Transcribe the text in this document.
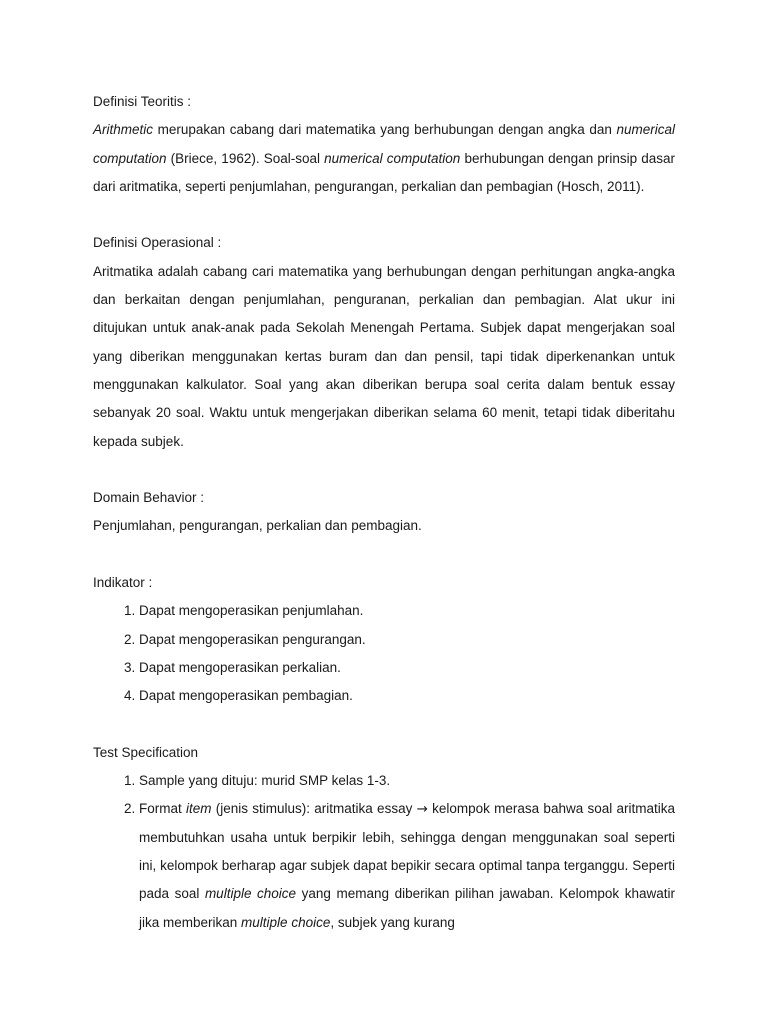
Definisi Teoritis :

Arithmetic merupakan cabang dari matematika yang berhubungan dengan angka dan numerical computation (Briece, 1962). Soal-soal numerical computation berhubungan dengan prinsip dasar dari aritmatika, seperti penjumlahan, pengurangan, perkalian dan pembagian (Hosch, 2011).

Definisi Operasional :

Aritmatika adalah cabang cari matematika yang berhubungan dengan perhitungan angka-angka dan berkaitan dengan penjumlahan, penguranan, perkalian dan pembagian. Alat ukur ini ditujukan untuk anak-anak pada Sekolah Menengah Pertama. Subjek dapat mengerjakan soal yang diberikan menggunakan kertas buram dan dan pensil, tapi tidak diperkenankan untuk menggunakan kalkulator. Soal yang akan diberikan berupa soal cerita dalam bentuk essay sebanyak 20 soal. Waktu untuk mengerjakan diberikan selama 60 menit, tetapi tidak diberitahu kepada subjek.

Domain Behavior :

Penjumlahan, pengurangan, perkalian dan pembagian.

Indikator :

1. Dapat mengoperasikan penjumlahan.
2. Dapat mengoperasikan pengurangan.
3. Dapat mengoperasikan perkalian.
4. Dapat mengoperasikan pembagian.

Test Specification

1. Sample yang dituju: murid SMP kelas 1-3.
2. Format item (jenis stimulus): aritmatika essay → kelompok merasa bahwa soal aritmatika membutuhkan usaha untuk berpikir lebih, sehingga dengan menggunakan soal seperti ini, kelompok berharap agar subjek dapat bepikir secara optimal tanpa terganggu. Seperti pada soal multiple choice yang memang diberikan pilihan jawaban. Kelompok khawatir jika memberikan multiple choice, subjek yang kurang
